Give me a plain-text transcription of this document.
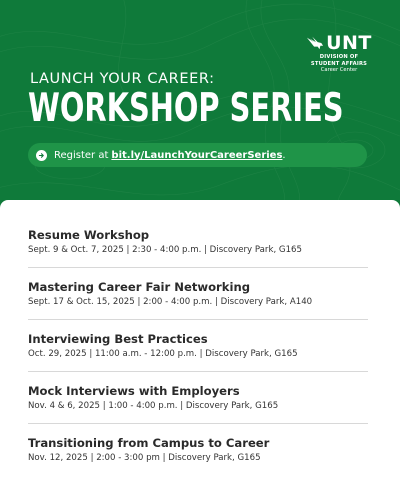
UNT
DIVISION OF
STUDENT AFFAIRS
Career Center
LAUNCH YOUR CAREER:
WORKSHOP SERIES
Register at bit.ly/LaunchYourCareerSeries .
Resume Workshop
Sept. 9 & Oct. 7, 2025 | 2:30 - 4:00 p.m. | Discovery Park, G165
Mastering Career Fair Networking
Sept. 17 & Oct. 15, 2025 | 2:00 - 4:00 p.m. | Discovery Park, A140
Interviewing Best Practices
Oct. 29, 2025 | 11:00 a.m. - 12:00 p.m. | Discovery Park, G165
Mock Interviews with Employers
Nov. 4 & 6, 2025 | 1:00 - 4:00 p.m. | Discovery Park, G165
Transitioning from Campus to Career
Nov. 12, 2025 | 2:00 - 3:00 pm | Discovery Park, G165
